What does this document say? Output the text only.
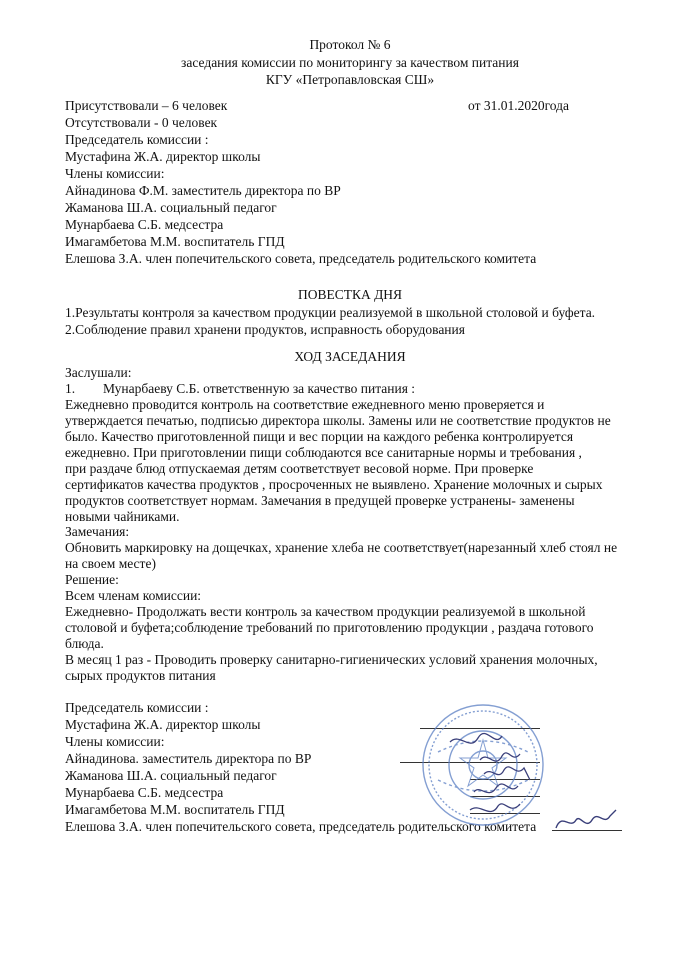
Протокол № 6
заседания комиссии по мониторингу за качеством питания
КГУ «Петропавловская СШ»
Присутствовали – 6 человек	от 31.01.2020года
Отсутствовали - 0 человек
Председатель комиссии :
Мустафина Ж.А. директор школы
Члены комиссии:
Айнадинова Ф.М. заместитель директора по ВР
Жаманова Ш.А. социальный педагог
Мунарбаева С.Б. медсестра
Имагамбетова М.М. воспитатель ГПД
Елешова З.А. член попечительского совета, председатель родительского комитета
ПОВЕСТКА ДНЯ
1.Результаты контроля за качеством продукции реализуемой в школьной столовой и буфета.
2.Соблюдение правил хранени продуктов, исправность оборудования
ХОД ЗАСЕДАНИЯ
Заслушали:
1. Мунарбаеву С.Б. ответственную за качество питания :
Ежедневно проводится контроль на соответствие ежедневного меню проверяется и
утверждается печатью, подписью директора школы. Замены или не соответствие продуктов не
было. Качество приготовленной пищи и вес порции на каждого ребенка контролируется
ежедневно. При приготовлении пищи соблюдаются все санитарные нормы и требования ,
при раздаче блюд отпускаемая детям соответствует весовой норме. При проверке
сертификатов качества продуктов , просроченных не выявлено. Хранение молочных и сырых
продуктов соответствует нормам. Замечания в предущей проверке устранены- заменены
новыми чайниками.
Замечания:
Обновить маркировку на дощечках, хранение хлеба не соответствует(нарезанный хлеб стоял не
на своем месте)
Решение:
Всем членам комиссии:
Ежедневно- Продолжать вести контроль за качеством продукции реализуемой в школьной
столовой и буфета;соблюдение требований по приготовлению продукции , раздача готового
блюда.
В месяц 1 раз - Проводить проверку санитарно-гигиенических условий хранения молочных,
сырых продуктов питания
Председатель комиссии :
Мустафина Ж.А. директор школы
Члены комиссии:
Айнадинова. заместитель директора по ВР
Жаманова Ш.А. социальный педагог
Мунарбаева С.Б. медсестра
Имагамбетова М.М. воспитатель ГПД
Елешова З.А. член попечительского совета, председатель родительского комитета
